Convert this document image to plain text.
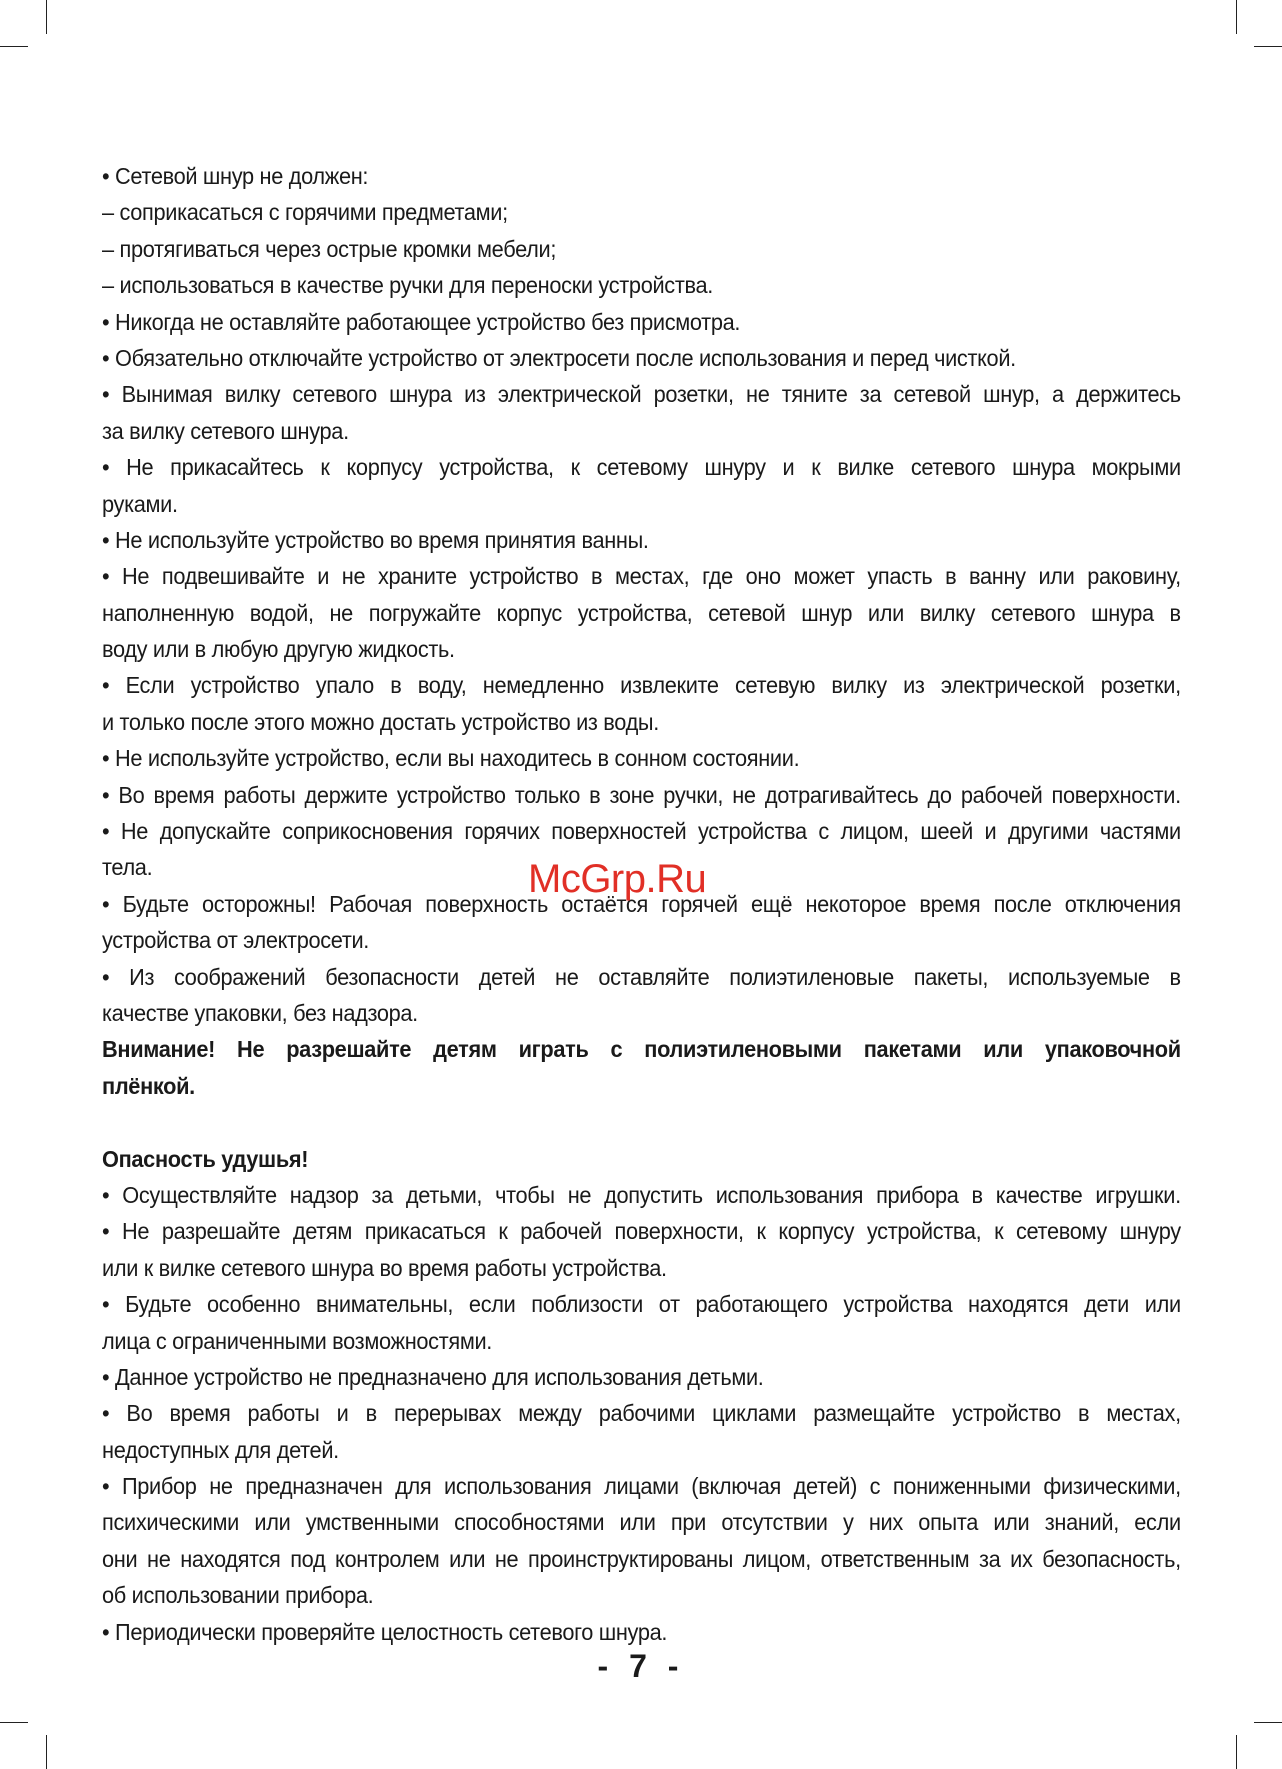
• Сетевой шнур не должен:
– соприкасаться с горячими предметами;
– протягиваться через острые кромки мебели;
– использоваться в качестве ручки для переноски устройства.
• Никогда не оставляйте работающее устройство без присмотра.
• Обязательно отключайте устройство от электросети после использования и перед чисткой.
• Вынимая вилку сетевого шнура из электрической розетки, не тяните за сетевой шнур, а держитесь
за вилку сетевого шнура.
• Не прикасайтесь к корпусу устройства, к сетевому шнуру и к вилке сетевого шнура мокрыми
руками.
• Не используйте устройство во время принятия ванны.
• Не подвешивайте и не храните устройство в местах, где оно может упасть в ванну или раковину,
наполненную водой, не погружайте корпус устройства, сетевой шнур или вилку сетевого шнура в
воду или в любую другую жидкость.
• Если устройство упало в воду, немедленно извлеките сетевую вилку из электрической розетки,
и только после этого можно достать устройство из воды.
• Не используйте устройство, если вы находитесь в сонном состоянии.
• Во время работы держите устройство только в зоне ручки, не дотрагивайтесь до рабочей поверхности.
• Не допускайте соприкосновения горячих поверхностей устройства с лицом, шеей и другими частями
тела.
• Будьте осторожны! Рабочая поверхность остаётся горячей ещё некоторое время после отключения
устройства от электросети.
• Из соображений безопасности детей не оставляйте полиэтиленовые пакеты, используемые в
качестве упаковки, без надзора.
Внимание! Не разрешайте детям играть с полиэтиленовыми пакетами или упаковочной
плёнкой.
Опасность удушья!
• Осуществляйте надзор за детьми, чтобы не допустить использования прибора в качестве игрушки.
• Не разрешайте детям прикасаться к рабочей поверхности, к корпусу устройства, к сетевому шнуру
или к вилке сетевого шнура во время работы устройства.
• Будьте особенно внимательны, если поблизости от работающего устройства находятся дети или
лица с ограниченными возможностями.
• Данное устройство не предназначено для использования детьми.
• Во время работы и в перерывах между рабочими циклами размещайте устройство в местах,
недоступных для детей.
• Прибор не предназначен для использования лицами (включая детей) с пониженными физическими,
психическими или умственными способностями или при отсутствии у них опыта или знаний, если
они не находятся под контролем или не проинструктированы лицом, ответственным за их безопасность,
об использовании прибора.
• Периодически проверяйте целостность сетевого шнура.
McGrp.Ru
- 7 -
